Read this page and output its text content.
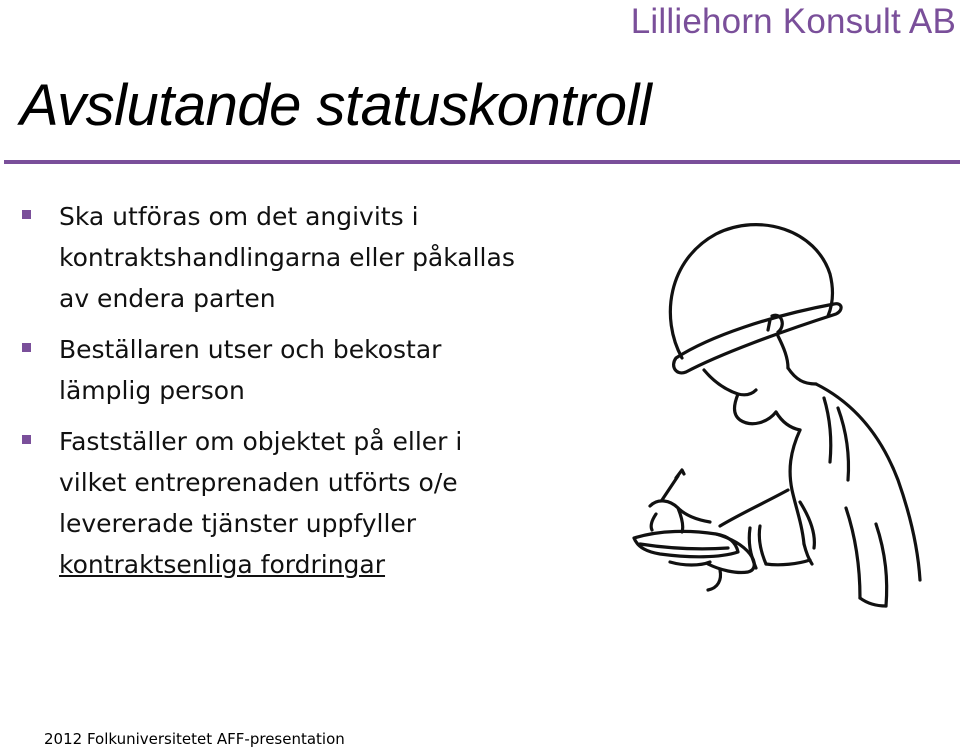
Lilliehorn Konsult AB
Avslutande statuskontroll
Ska utföras om det angivits i kontraktshandlingarna eller påkallas av endera parten
Beställaren utser och bekostar lämplig person
Fastställer om objektet på eller i vilket entreprenaden utförts o/e levererade tjänster uppfyller kontraktsenliga fordringar
2012 Folkuniversitetet AFF-presentation
